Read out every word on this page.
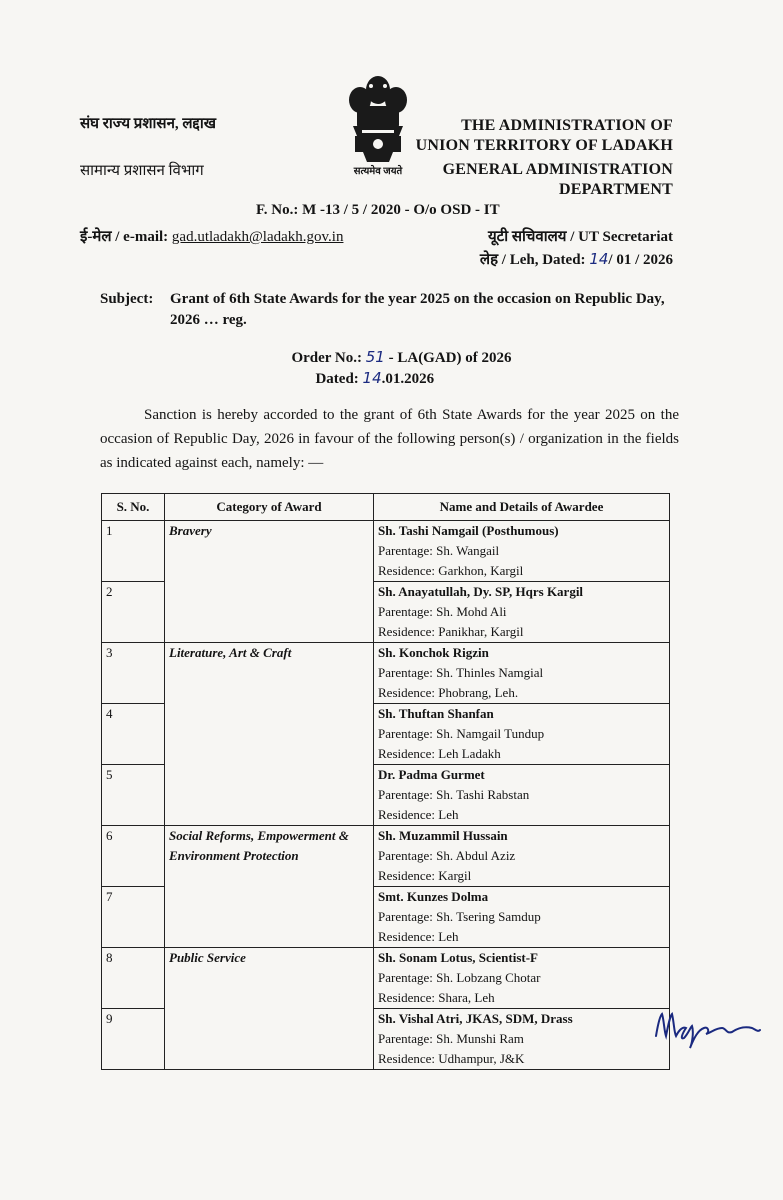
संघ राज्य प्रशासन, लद्दाख
सामान्य प्रशासन विभाग	सत्यमेव जयते
THE ADMINISTRATION OF
UNION TERRITORY OF LADAKH
GENERAL ADMINISTRATION
DEPARTMENT
F. No.: M -13 / 5 / 2020 - O/o OSD - IT
ई-मेल / e-mail: gad.utladakh@ladakh.gov.in	यूटी सचिवालय / UT Secretariat
लेह / Leh, Dated: 14/ 01 / 2026
Subject: Grant of 6th State Awards for the year 2025 on the occasion on Republic Day,
2026 … reg.
Order No.: 51 - LA(GAD) of 2026
Dated: 14.01.2026
Sanction is hereby accorded to the grant of 6th State Awards for the year 2025 on the occasion of Republic Day, 2026 in favour of the following person(s) / organization in the fields as indicated against each, namely: —
S. No.	Category of Award	Name and Details of Awardee
1	Bravery	Sh. Tashi Namgail (Posthumous)
Parentage: Sh. Wangail
Residence: Garkhon, Kargil

2		Sh. Anayatullah, Dy. SP, Hqrs Kargil
Parentage: Sh. Mohd Ali
Residence: Panikhar, Kargil

3	Literature, Art & Craft	Sh. Konchok Rigzin
Parentage: Sh. Thinles Namgial
Residence: Phobrang, Leh.

4		Sh. Thuftan Shanfan
Parentage: Sh. Namgail Tundup
Residence: Leh Ladakh

5		Dr. Padma Gurmet
Parentage: Sh. Tashi Rabstan
Residence: Leh

6	Social Reforms, Empowerment & Environment Protection	Sh. Muzammil Hussain
Parentage: Sh. Abdul Aziz
Residence: Kargil

7		Smt. Kunzes Dolma
Parentage: Sh. Tsering Samdup
Residence: Leh

8	Public Service	Sh. Sonam Lotus, Scientist-F
Parentage: Sh. Lobzang Chotar
Residence: Shara, Leh

9		Sh. Vishal Atri, JKAS, SDM, Drass
Parentage: Sh. Munshi Ram
Residence: Udhampur, J&K
